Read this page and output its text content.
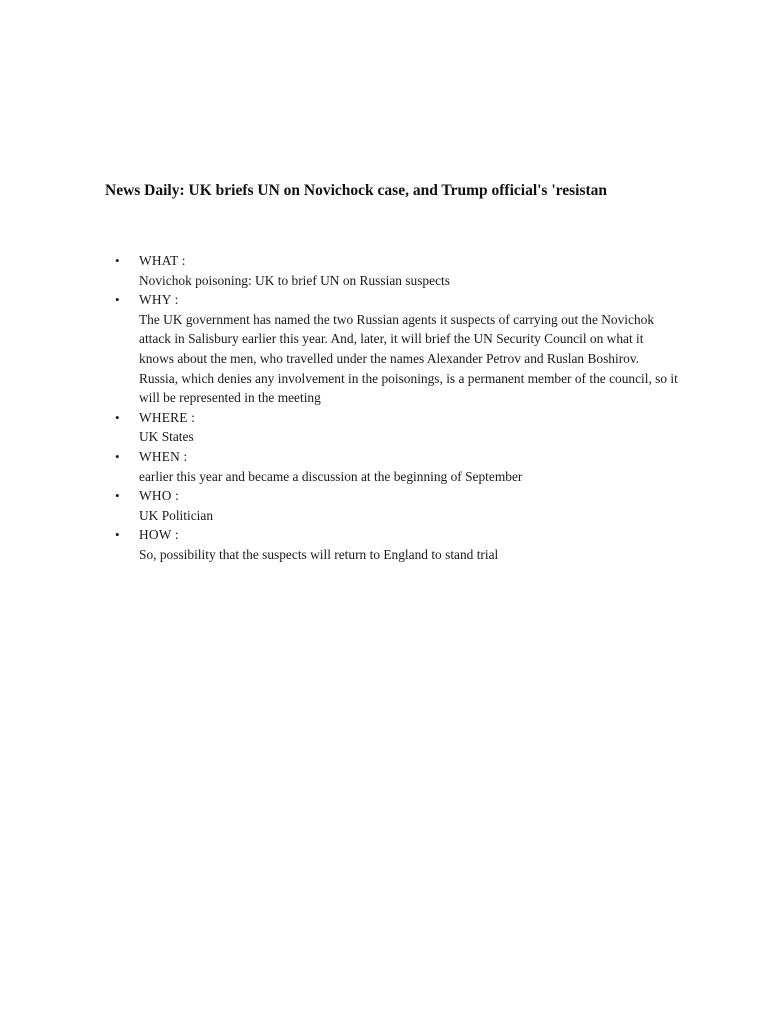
News Daily: UK briefs UN on Novichock case, and Trump official's 'resistan
• WHAT :
Novichok poisoning: UK to brief UN on Russian suspects
• WHY :
The UK government has named the two Russian agents it suspects of carrying out the Novichok attack in Salisbury earlier this year. And, later, it will brief the UN Security Council on what it knows about the men, who travelled under the names Alexander Petrov and Ruslan Boshirov.
Russia, which denies any involvement in the poisonings, is a permanent member of the council, so it will be represented in the meeting
• WHERE :
UK States
• WHEN :
earlier this year and became a discussion at the beginning of September
• WHO :
UK Politician
• HOW :
So, possibility that the suspects will return to England to stand trial
